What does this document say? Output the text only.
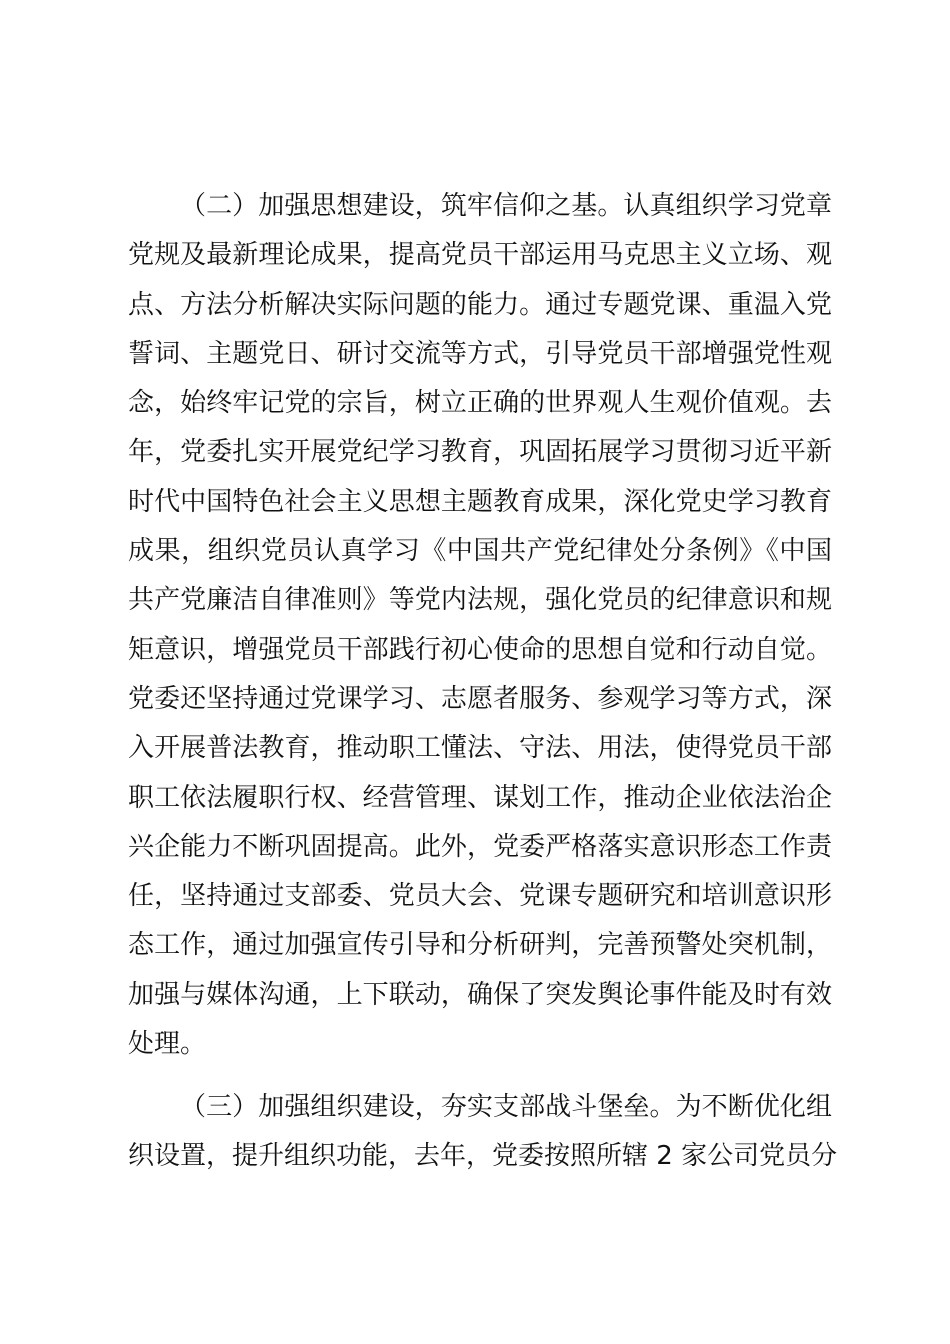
（二）加强思想建设，筑牢信仰之基。认真组织学习党章
党规及最新理论成果，提高党员干部运用马克思主义立场、观
点、方法分析解决实际问题的能力。通过专题党课、重温入党
誓词、主题党日、研讨交流等方式，引导党员干部增强党性观
念，始终牢记党的宗旨，树立正确的世界观人生观价值观。去
年，党委扎实开展党纪学习教育，巩固拓展学习贯彻习近平新
时代中国特色社会主义思想主题教育成果，深化党史学习教育
成果，组织党员认真学习《中国共产党纪律处分条例》《中国
共产党廉洁自律准则》等党内法规，强化党员的纪律意识和规
矩意识，增强党员干部践行初心使命的思想自觉和行动自觉。
党委还坚持通过党课学习、志愿者服务、参观学习等方式，深
入开展普法教育，推动职工懂法、守法、用法，使得党员干部
职工依法履职行权、经营管理、谋划工作，推动企业依法治企
兴企能力不断巩固提高。此外，党委严格落实意识形态工作责
任，坚持通过支部委、党员大会、党课专题研究和培训意识形
态工作，通过加强宣传引导和分析研判，完善预警处突机制，
加强与媒体沟通，上下联动，确保了突发舆论事件能及时有效
处理。
（三）加强组织建设，夯实支部战斗堡垒。为不断优化组
织设置，提升组织功能，去年，党委按照所辖 2 家公司党员分
